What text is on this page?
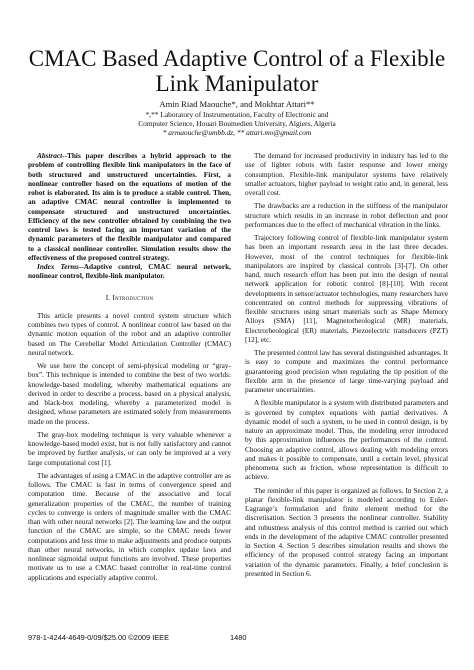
CMAC Based Adaptive Control of a Flexible
Link Manipulator
Amin Riad Maouche*, and Mokhtar Attari**
*,** Laboratory of Instrumentation, Faculty of Electronic and
Computer Science, Houari Boumedien University, Algiers, Algeria
* armaouche@umbb.dz, ** attari.mo@gmail.com

Abstract--This paper describes a hybrid approach to the problem of controlling flexible link manipulators in the face of both structured and unstructured uncertainties. First, a nonlinear controller based on the equations of motion of the robot is elaborated. Its aim is to produce a stable control. Then, an adaptive CMAC neural controller is implemented to compensate structured and unstructured uncertainties. Efficiency of the new controller obtained by combining the two control laws is tested facing an important variation of the dynamic parameters of the flexible manipulator and compared to a classical nonlinear controller. Simulation results show the effectiveness of the proposed control strategy.

Index Terms--Adaptive control, CMAC neural network, nonlinear control, flexible-link manipulator.

I. Introduction

This article presents a novel control system structure which combines two types of control. A nonlinear control law based on the dynamic motion equation of the robot and an adaptive controller based on The Cerebellar Model Articulation Controller (CMAC) neural network.

We use here the concept of semi-physical modeling or “gray-box”. This technique is intended to combine the best of two worlds: knowledge-based modeling, whereby mathematical equations are derived in order to describe a process, based on a physical analysis, and black-box modeling, whereby a parameterized model is designed, whose parameters are estimated solely from measurements made on the process.

The gray-box modeling technique is very valuable whenever a knowledge-based model exist, but is not fully satisfactory and cannot be improved by further analysis, or can only be improved at a very large computational cost [1].

The advantages of using a CMAC in the adaptive controller are as follows. The CMAC is fast in terms of convergence speed and computation time. Because of the associative and local generalization properties of the CMAC, the number of training cycles to converge is orders of magnitude smaller with the CMAC than with other neural networks [2]. The learning law and the output function of the CMAC are simple, so the CMAC needs fewer computations and less time to make adjustments and produce outputs than other neural networks, in which complex update laws and nonlinear sigmoidal output functions are involved. These properties motivate us to use a CMAC based controller in real-time control applications and especially adaptive control.

The demand for increased productivity in industry has led to the use of lighter robots with faster response and lower energy consumption. Flexible-link manipulator systems have relatively smaller actuators, higher payload to weight ratio and, in general, less overall cost.

The drawbacks are a reduction in the stiffness of the manipulator structure which results in an increase in robot deflection and poor performances due to the effect of mechanical vibration in the links.

Trajectory following control of flexible-link manipulator system has been an important research area in the last three decades. However, most of the control techniques for flexible-link manipulators are inspired by classical controls [3]-[7]. On other hand, much research effort has been put into the design of neural network application for robotic control [8]-[10]. With recent developments in sensor/actuator technologies, many researchers have concentrated on control methods for suppressing vibrations of flexible structures using smart materials such as Shape Memory Alloys (SMA) [11], Magnetorheological (MR) materials, Electrorheological (ER) materials, Piezoelectric transducers (PZT) [12], etc.

The presented control law has several distinguished advantages. It is easy to compute and maximizes the control performance guaranteeing good precision when regulating the tip position of the flexible arm in the presence of large time-varying payload and parameter uncertainties.

A flexible manipulator is a system with distributed parameters and is governed by complex equations with partial derivatives. A dynamic model of such a system, to be used in control design, is by nature an approximate model. Thus, the modeling error introduced by this approximation influences the performances of the control. Choosing an adaptive control, allows dealing with modeling errors and makes it possible to compensate, until a certain level, physical phenomena such as friction, whose representation is difficult to achieve.

The reminder of this paper is organized as follows. In Section 2, a planar flexible-link manipulator is modeled according to Euler-Lagrange’s formulation and finite element method for the discretisation. Section 3 presents the nonlinear controller. Stability and robustness analysis of this control method is carried out which ends in the development of the adaptive CMAC controller presented in Section 4. Section 5 describes simulation results and shows the efficiency of the proposed control strategy facing an important variation of the dynamic parameters. Finally, a brief conclusion is presented in Section 6.

978-1-4244-4649-0/09/$25.00 ©2009 IEEE	1480
